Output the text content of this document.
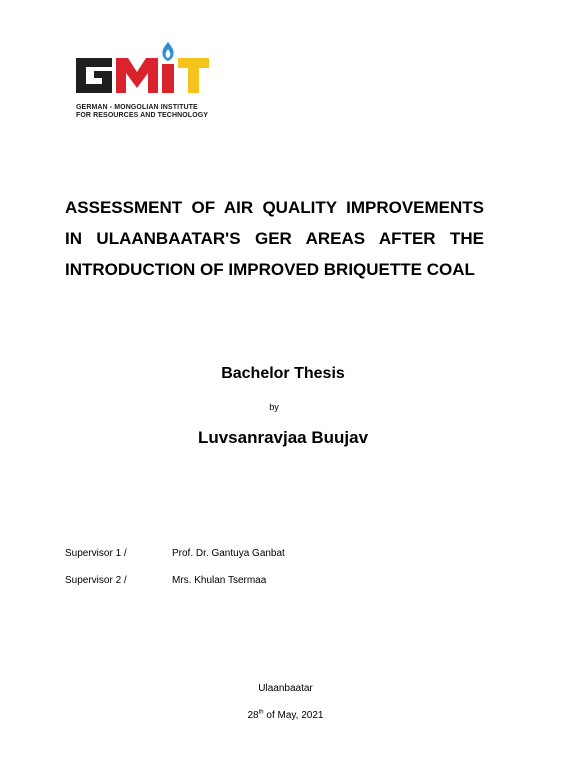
GERMAN - MONGOLIAN INSTITUTE
FOR RESOURCES AND TECHNOLOGY
ASSESSMENT OF AIR QUALITY IMPROVEMENTS IN ULAANBAATAR'S GER AREAS AFTER THE INTRODUCTION OF IMPROVED BRIQUETTE COAL
Bachelor Thesis
by
Luvsanravjaa Buujav
Supervisor 1 /	Prof. Dr. Gantuya Ganbat
Supervisor 2 /	Mrs. Khulan Tsermaa
Ulaanbaatar
28th of May, 2021
